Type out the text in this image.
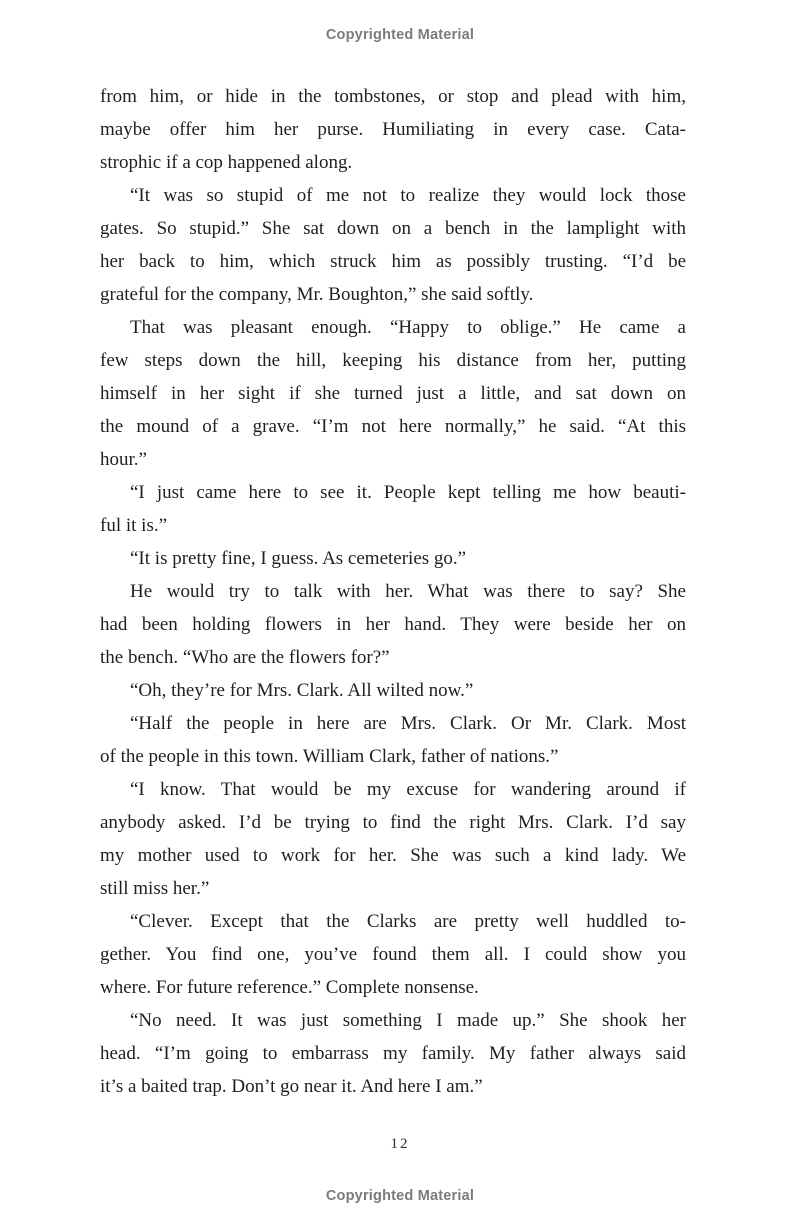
Copyrighted Material
from him, or hide in the tombstones, or stop and plead with him,
maybe offer him her purse. Humiliating in every case. Cata-
strophic if a cop happened along.
“It was so stupid of me not to realize they would lock those
gates. So stupid.” She sat down on a bench in the lamplight with
her back to him, which struck him as possibly trusting. “I’d be
grateful for the company, Mr. Boughton,” she said softly.
That was pleasant enough. “Happy to oblige.” He came a
few steps down the hill, keeping his distance from her, putting
himself in her sight if she turned just a little, and sat down on
the mound of a grave. “I’m not here normally,” he said. “At this
hour.”
“I just came here to see it. People kept telling me how beauti-
ful it is.”
“It is pretty fine, I guess. As cemeteries go.”
He would try to talk with her. What was there to say? She
had been holding flowers in her hand. They were beside her on
the bench. “Who are the flowers for?”
“Oh, they’re for Mrs. Clark. All wilted now.”
“Half the people in here are Mrs. Clark. Or Mr. Clark. Most
of the people in this town. William Clark, father of nations.”
“I know. That would be my excuse for wandering around if
anybody asked. I’d be trying to find the right Mrs. Clark. I’d say
my mother used to work for her. She was such a kind lady. We
still miss her.”
“Clever. Except that the Clarks are pretty well huddled to-
gether. You find one, you’ve found them all. I could show you
where. For future reference.” Complete nonsense.
“No need. It was just something I made up.” She shook her
head. “I’m going to embarrass my family. My father always said
it’s a baited trap. Don’t go near it. And here I am.”
12
Copyrighted Material
